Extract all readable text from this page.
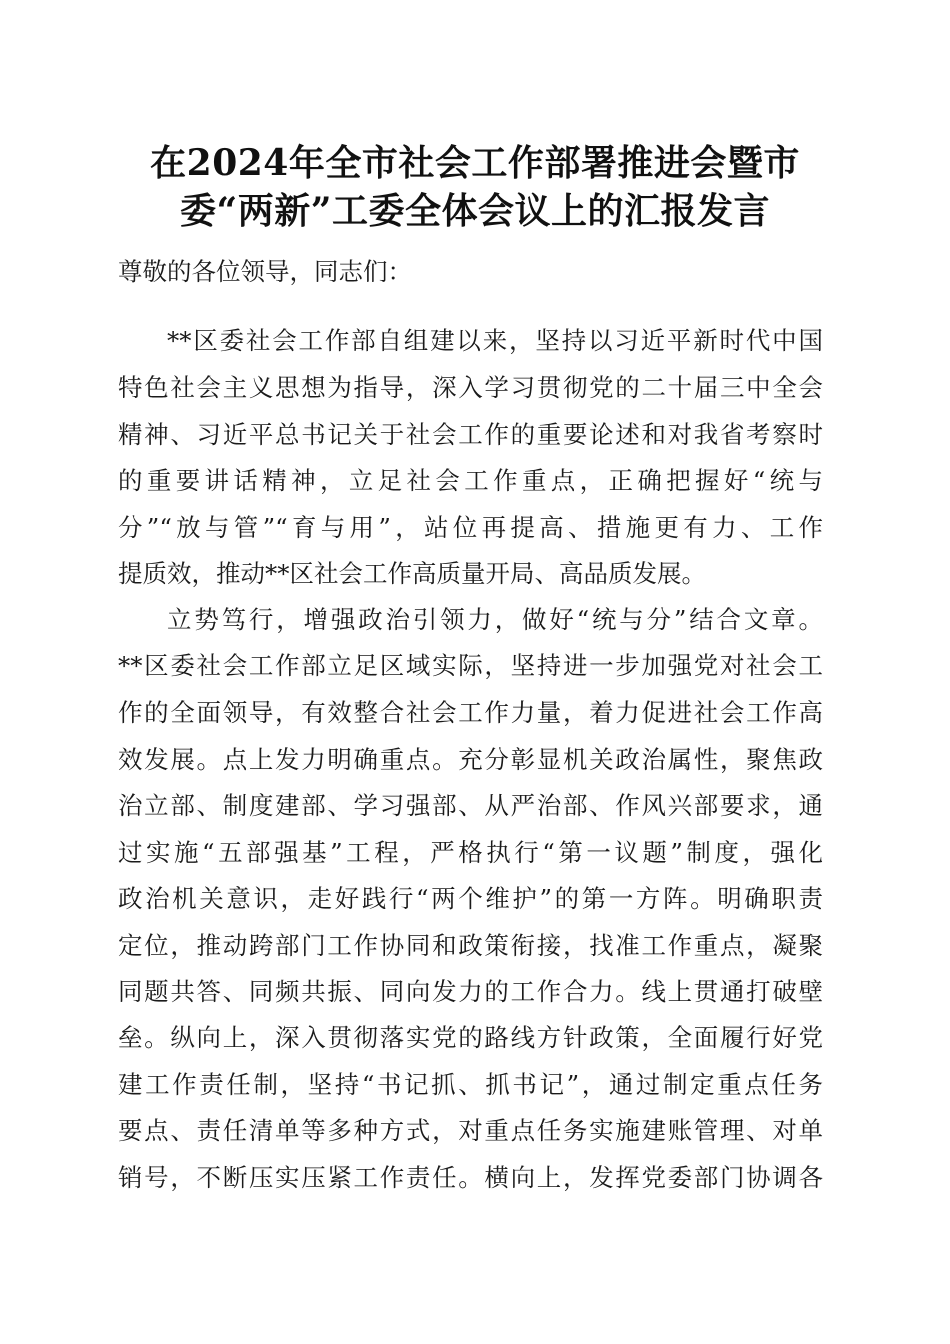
在2024年全市社会工作部署推进会暨市
委“两新”工委全体会议上的汇报发言
尊敬的各位领导，同志们：
**区委社会工作部自组建以来，坚持以习近平新时代中国
特色社会主义思想为指导，深入学习贯彻党的二十届三中全会
精神、习近平总书记关于社会工作的重要论述和对我省考察时
的重要讲话精神，立足社会工作重点，正确把握好“统与
分”“放与管”“育与用”，站位再提高、措施更有力、工作
提质效，推动**区社会工作高质量开局、高品质发展。
立势笃行，增强政治引领力，做好“统与分”结合文章。
**区委社会工作部立足区域实际，坚持进一步加强党对社会工
作的全面领导，有效整合社会工作力量，着力促进社会工作高
效发展。点上发力明确重点。充分彰显机关政治属性，聚焦政
治立部、制度建部、学习强部、从严治部、作风兴部要求，通
过实施“五部强基”工程，严格执行“第一议题”制度，强化
政治机关意识，走好践行“两个维护”的第一方阵。明确职责
定位，推动跨部门工作协同和政策衔接，找准工作重点，凝聚
同题共答、同频共振、同向发力的工作合力。线上贯通打破壁
垒。纵向上，深入贯彻落实党的路线方针政策，全面履行好党
建工作责任制，坚持“书记抓、抓书记”，通过制定重点任务
要点、责任清单等多种方式，对重点任务实施建账管理、对单
销号，不断压实压紧工作责任。横向上，发挥党委部门协调各
